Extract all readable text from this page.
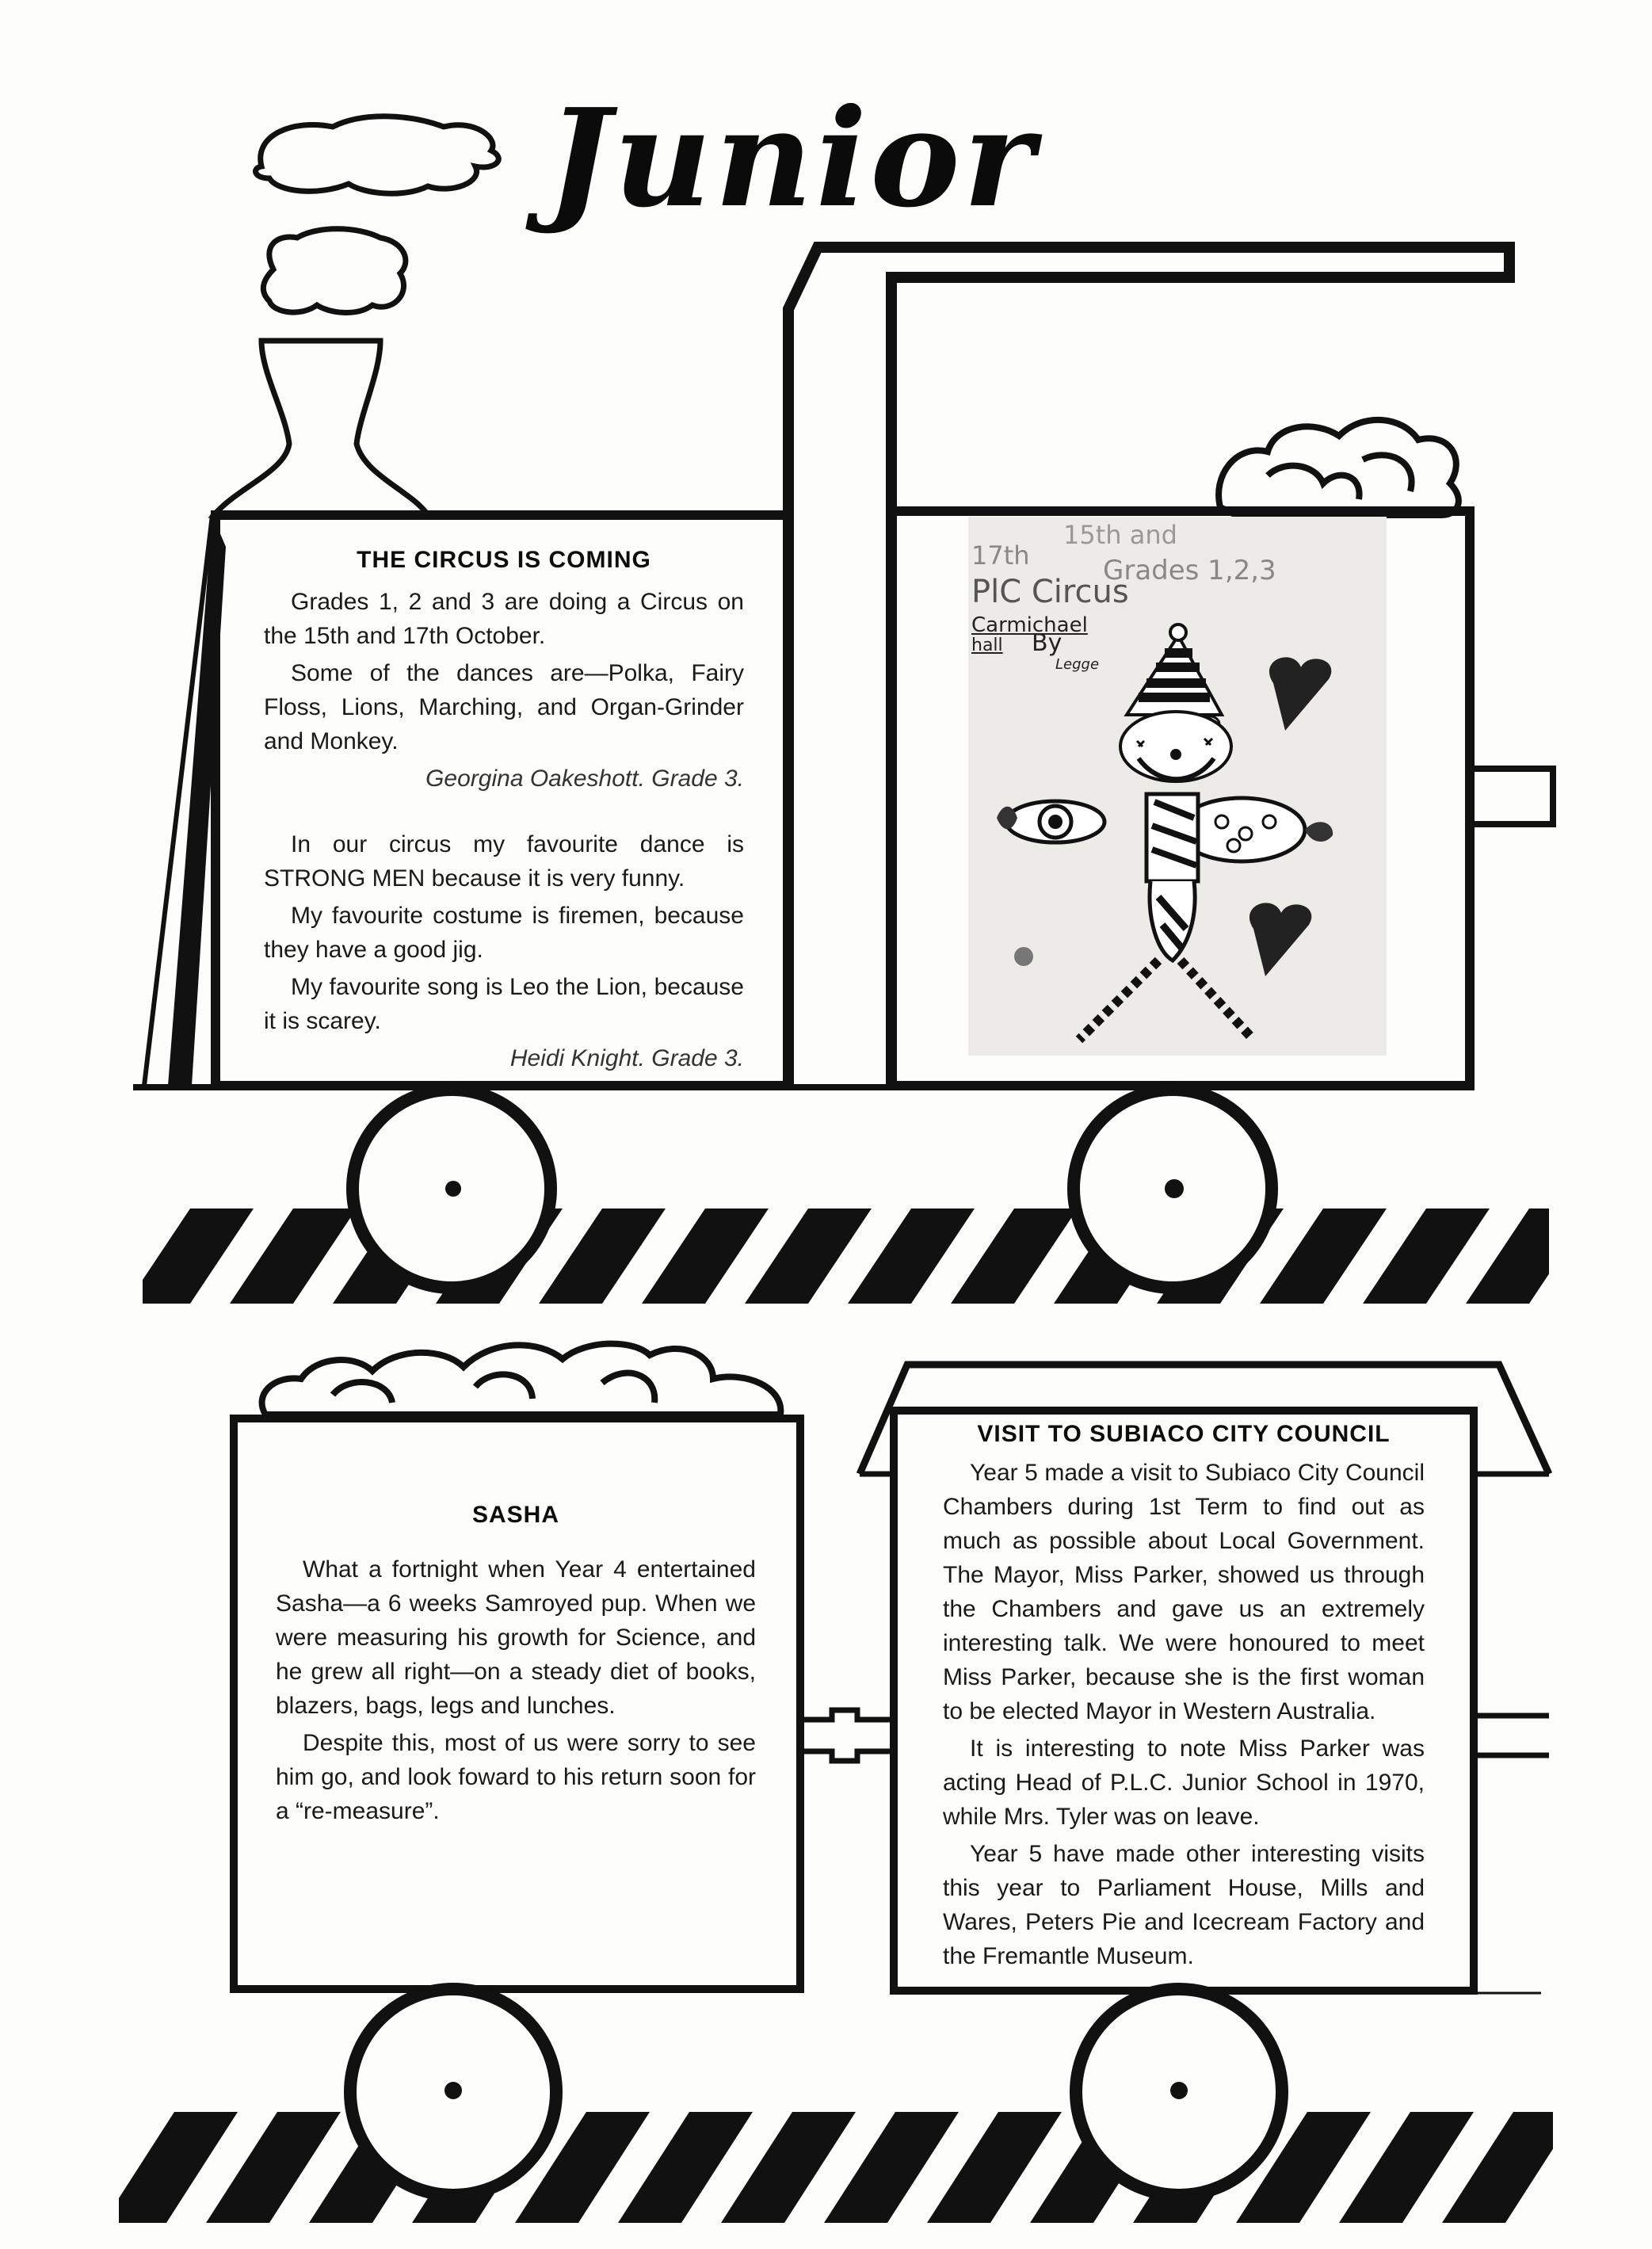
Junior
THE CIRCUS IS COMING

Grades 1, 2 and 3 are doing a Circus on the 15th and 17th October.

Some of the dances are—Polka, Fairy Floss, Lions, Marching, and Organ-Grinder and Monkey.

Georgina Oakeshott. Grade 3.

In our circus my favourite dance is STRONG MEN because it is very funny.

My favourite costume is firemen, because they have a good jig.

My favourite song is Leo the Lion, because it is scarey.

Heidi Knight. Grade 3.

15th and
17th	Grades 1,2,3
PlC Circus
Carmichael
hall By
Legge
SASHA

What a fortnight when Year 4 entertained Sasha—a 6 weeks Samroyed pup. When we were measuring his growth for Science, and he grew all right—on a steady diet of books, blazers, bags, legs and lunches.

Despite this, most of us were sorry to see him go, and look foward to his return soon for a “re-measure”.

VISIT TO SUBIACO CITY COUNCIL

Year 5 made a visit to Subiaco City Council Chambers during 1st Term to find out as much as possible about Local Government. The Mayor, Miss Parker, showed us through the Chambers and gave us an extremely interesting talk. We were honoured to meet Miss Parker, because she is the first woman to be elected Mayor in Western Australia.

It is interesting to note Miss Parker was acting Head of P.L.C. Junior School in 1970, while Mrs. Tyler was on leave.

Year 5 have made other interesting visits this year to Parliament House, Mills and Wares, Peters Pie and Icecream Factory and the Fremantle Museum.
